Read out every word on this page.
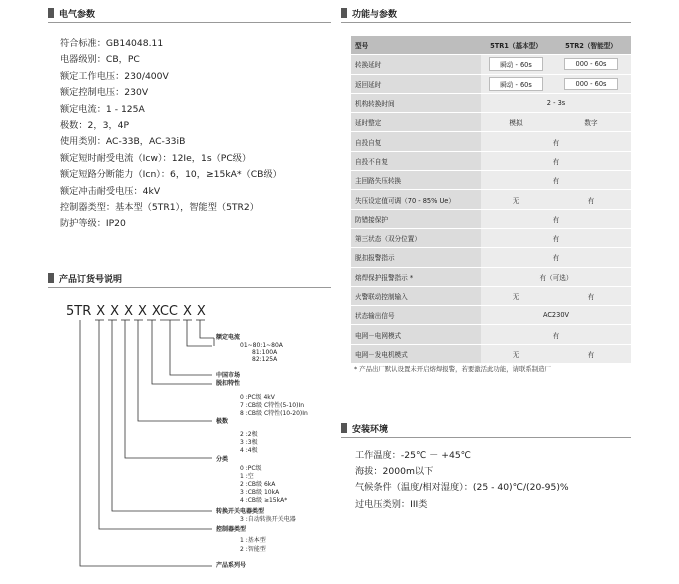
电气参数	功能与参数
产品订货号说明
安装环境
符合标准：GB14048.11
电器级别：CB，PC
额定工作电压：230/400V
额定控制电压：230V
额定电流：1 - 125A
极数：2，3，4P
使用类别：AC-33B，AC-33iB
额定短时耐受电流（Icw）：12Ie，1s（PC级）
额定短路分断能力（Icn）：6，10，≥15kA*（CB级）
额定冲击耐受电压：4kV
控制器类型：基本型（5TR1），智能型（5TR2）
防护等级：IP20
型号	5TR1（基本型）	5TR2（智能型）
转换延时	瞬动 - 60s	000 - 60s
返回延时	瞬动 - 60s	000 - 60s
机构转换时间	2 - 3s	
延时整定	模拟	数字
自投自复	有	
自投不自复	有	
主回路失压转换	有	
失压设定值可调（70 - 85% Ue）	无	有
防错接保护	有	
第三状态（双分位置）	有	
脱扣报警指示	有	
熔焊保护报警指示 *	有（可选）	
火警联动控制输入	无	有
状态输出信号	AC230V	
电网－电网模式	有	
电网－发电机模式	无	有
* 产品出厂默认设置未开启熔焊报警，若要激活此功能，请联系制造厂
工作温度：-25℃ － +45℃
海拔：2000m以下
气候条件（温度/相对湿度）：(25 - 40)℃/(20-95)%
过电压类别：III类
5TR X X X X XCC X X
额定电流
01~80:1~80A
81:100A
82:125A
中国市场
脱扣特性
0 :PC级 4kV
7 :CB级 C特性(5-10)In
8 :CB级 C特性(10-20)In
极数
2 :2极
3 :3极
4 :4极
分类
0 :PC级
1 :空
2 :CB级 6kA
3 :CB级 10kA
4 :CB级 ≥15kA*
转换开关电器类型
3 :自动转换开关电器
控制器类型
1 :基本型
2 :智能型
产品系列号
